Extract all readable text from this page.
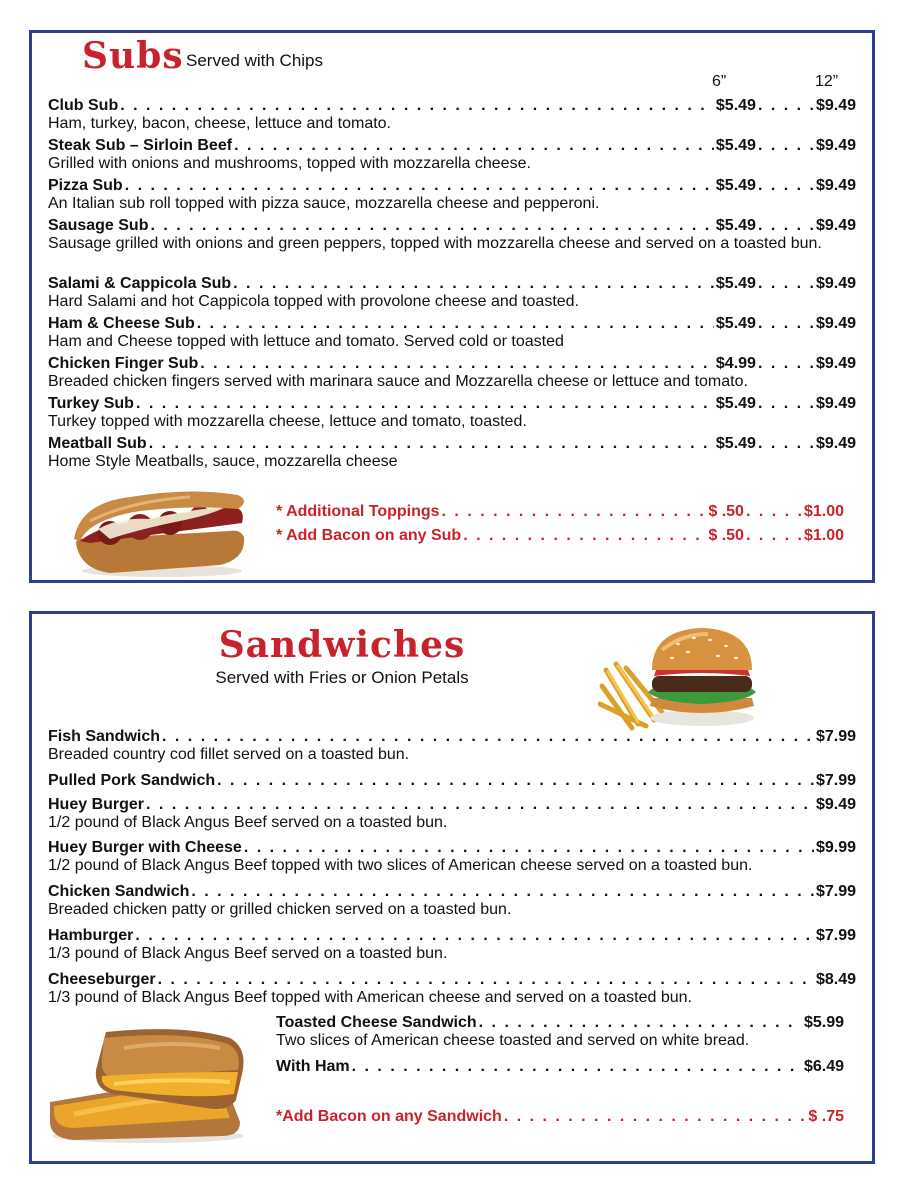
Subs Served with Chips
6”	12”
Club Sub . . .	$5.49 . . .	$9.49
Ham, turkey, bacon, cheese, lettuce and tomato.
Steak Sub – Sirloin Beef . . .	$5.49 . . .	$9.49
Grilled with onions and mushrooms, topped with mozzarella cheese.
Pizza Sub . . .	$5.49 . . .	$9.49
An Italian sub roll topped with pizza sauce, mozzarella cheese and pepperoni.
Sausage Sub . . .	$5.49 . . .	$9.49
Sausage grilled with onions and green peppers, topped with mozzarella cheese and served on a toasted bun.
Salami & Cappicola Sub . . .	$5.49 . . .	$9.49
Hard Salami and hot Cappicola topped with provolone cheese and toasted.
Ham & Cheese Sub . . .	$5.49 . . .	$9.49
Ham and Cheese topped with lettuce and tomato. Served cold or toasted
Chicken Finger Sub . . .	$4.99 . . .	$9.49
Breaded chicken fingers served with marinara sauce and Mozzarella cheese or lettuce and tomato.
Turkey Sub . . .	$5.49 . . .	$9.49
Turkey topped with mozzarella cheese, lettuce and tomato, toasted.
Meatball Sub . . .	$5.49 . . .	$9.49
Home Style Meatballs, sauce, mozzarella cheese
* Additional Toppings . . .	$ .50 . . .	$1.00
* Add Bacon on any Sub . . .	$ .50 . . .	$1.00
Sandwiches
Served with Fries or Onion Petals
Fish Sandwich . . .	$7.99
Breaded country cod fillet served on a toasted bun.
Pulled Pork Sandwich . . .	$7.99
Huey Burger . . .	$9.49
1/2 pound of Black Angus Beef served on a toasted bun.
Huey Burger with Cheese . . .	$9.99
1/2 pound of Black Angus Beef topped with two slices of American cheese served on a toasted bun.
Chicken Sandwich . . .	$7.99
Breaded chicken patty or grilled chicken served on a toasted bun.
Hamburger . . .	$7.99
1/3 pound of Black Angus Beef served on a toasted bun.
Cheeseburger . . .	$8.49
1/3 pound of Black Angus Beef topped with American cheese and served on a toasted bun.
Toasted Cheese Sandwich . . .	$5.99
Two slices of American cheese toasted and served on white bread.
With Ham . . .	$6.49
*Add Bacon on any Sandwich . . .	$ .75
